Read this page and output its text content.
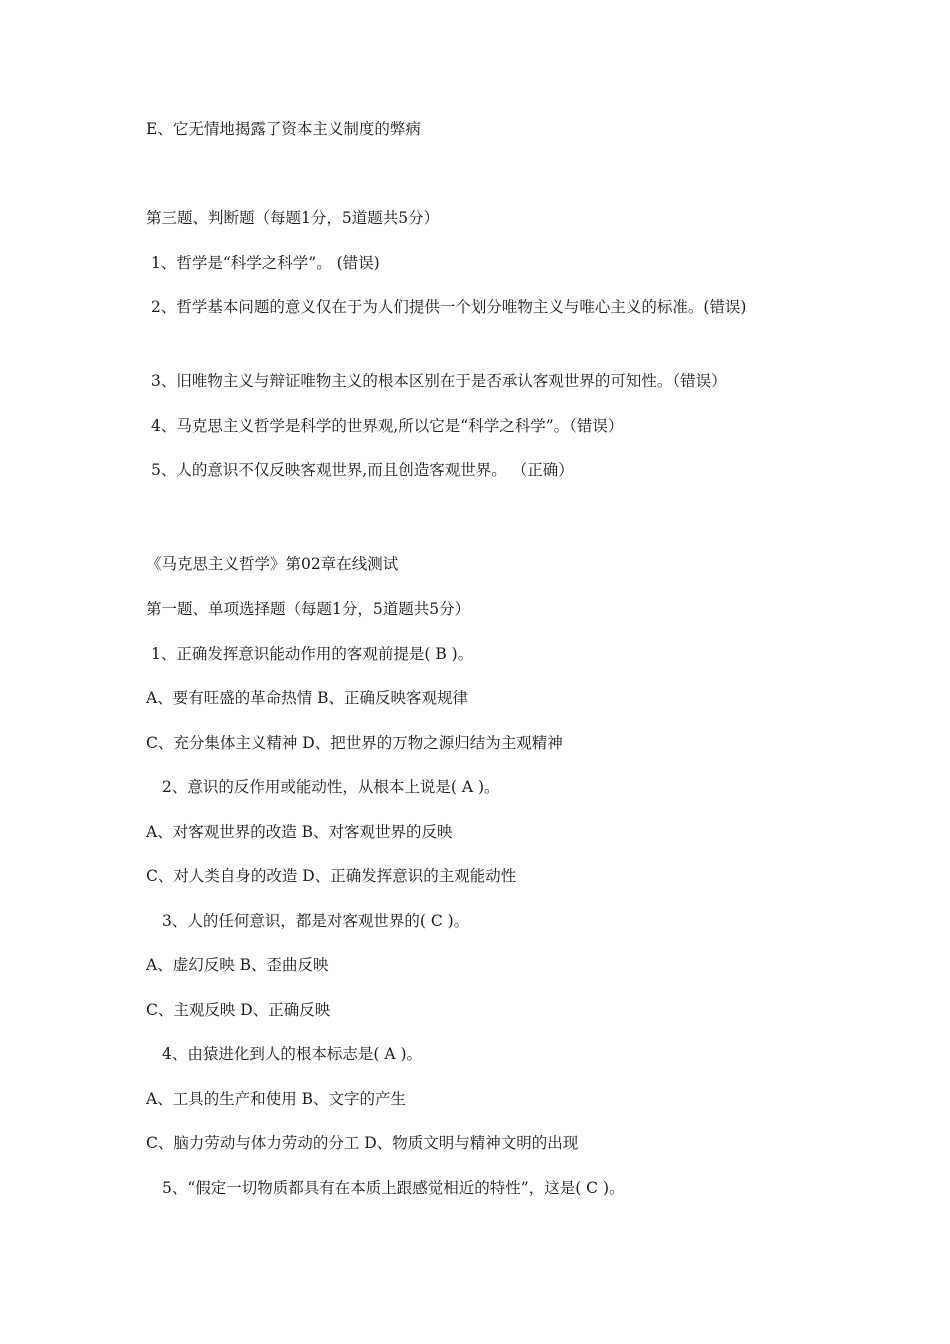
E、它无情地揭露了资本主义制度的弊病
第三题、判断题（每题1分，5道题共5分）
1、哲学是“科学之科学”。 (错误)
2、哲学基本问题的意义仅在于为人们提供一个划分唯物主义与唯心主义的标准。(错误)
3、旧唯物主义与辩证唯物主义的根本区别在于是否承认客观世界的可知性。（错误）
4、马克思主义哲学是科学的世界观,所以它是“科学之科学”。（错误）
5、人的意识不仅反映客观世界,而且创造客观世界。 （正确）
《马克思主义哲学》第02章在线测试
第一题、单项选择题（每题1分，5道题共5分）
1、正确发挥意识能动作用的客观前提是( B )。
A、要有旺盛的革命热情 B、正确反映客观规律
C、充分集体主义精神 D、把世界的万物之源归结为主观精神
2、意识的反作用或能动性，从根本上说是( A )。
A、对客观世界的改造 B、对客观世界的反映
C、对人类自身的改造 D、正确发挥意识的主观能动性
3、人的任何意识，都是对客观世界的( C )。
A、虚幻反映 B、歪曲反映
C、主观反映 D、正确反映
4、由猿进化到人的根本标志是( A )。
A、工具的生产和使用 B、文字的产生
C、脑力劳动与体力劳动的分工 D、物质文明与精神文明的出现
5、“假定一切物质都具有在本质上跟感觉相近的特性”，这是( C )。
